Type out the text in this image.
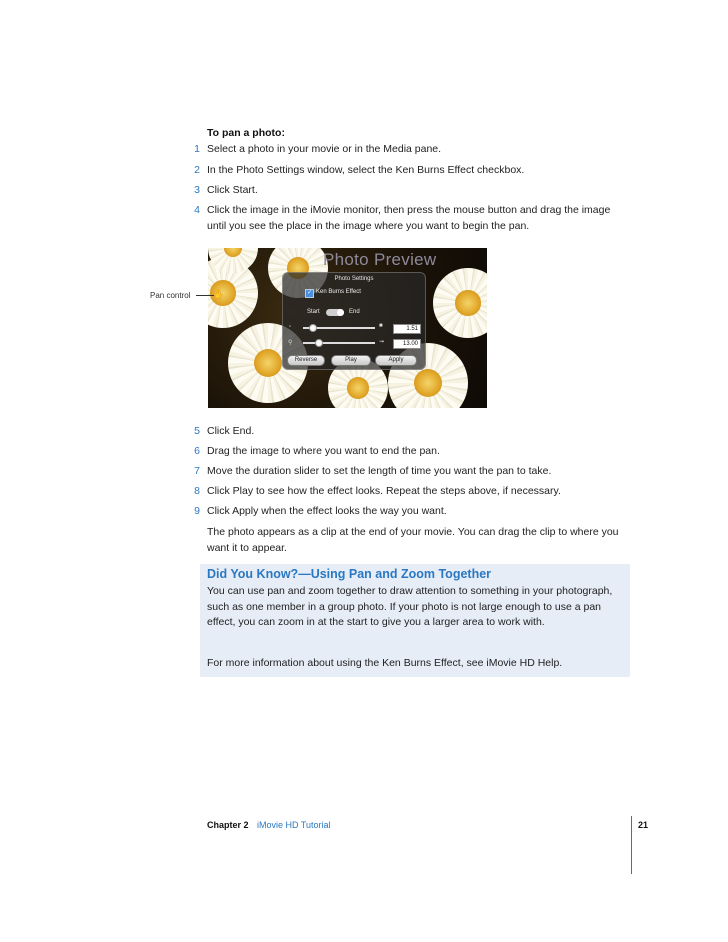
To pan a photo:
1 Select a photo in your movie or in the Media pane.
2 In the Photo Settings window, select the Ken Burns Effect checkbox.
3 Click Start.
4 Click the image in the iMovie monitor, then press the mouse button and drag the image until you see the place in the image where you want to begin the pan.
Photo Preview
Photo Settings
✓ Ken Burns Effect
Start	End
▫	■	1.51
⚲	⇝	13.00
Reverse	Play	Apply
Pan control	✋
5 Click End.
6 Drag the image to where you want to end the pan.
7 Move the duration slider to set the length of time you want the pan to take.
8 Click Play to see how the effect looks. Repeat the steps above, if necessary.
9 Click Apply when the effect looks the way you want.
The photo appears as a clip at the end of your movie. You can drag the clip to where you want it to appear.
Did You Know?—Using Pan and Zoom Together
You can use pan and zoom together to draw attention to something in your photograph, such as one member in a group photo. If your photo is not large enough to use a pan effect, you can zoom in at the start to give you a larger area to work with.
For more information about using the Ken Burns Effect, see iMovie HD Help.
Chapter 2 iMovie HD Tutorial	21
